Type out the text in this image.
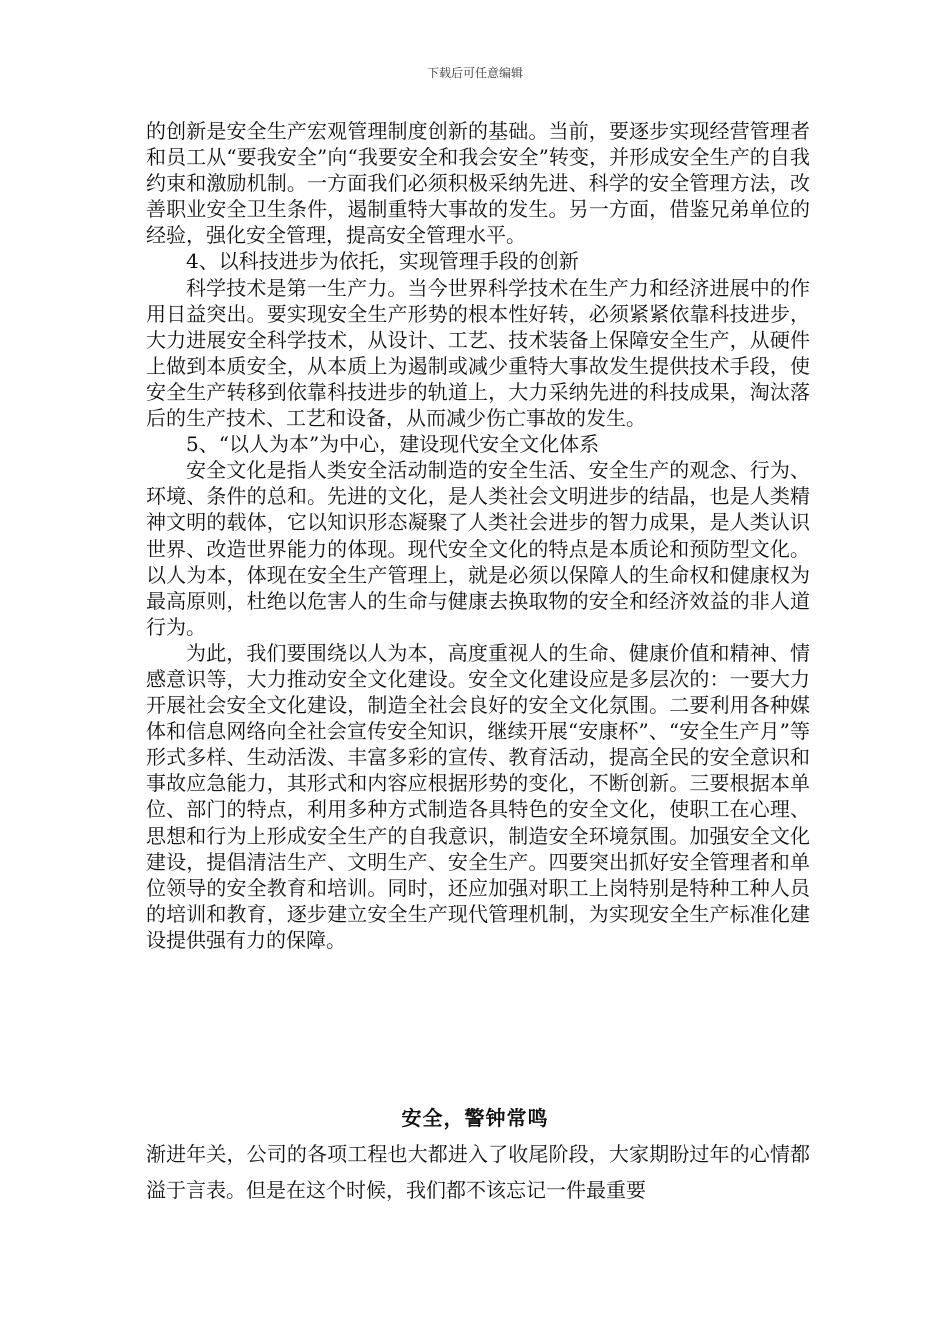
下载后可任意编辑

的创新是安全生产宏观管理制度创新的基础。当前，要逐步实现经营管理者和员工从“要我安全”向“我要安全和我会安全”转变，并形成安全生产的自我约束和激励机制。一方面我们必须积极采纳先进、科学的安全管理方法，改善职业安全卫生条件，遏制重特大事故的发生。另一方面，借鉴兄弟单位的经验，强化安全管理，提高安全管理水平。

4、以科技进步为依托，实现管理手段的创新

科学技术是第一生产力。当今世界科学技术在生产力和经济进展中的作用日益突出。要实现安全生产形势的根本性好转，必须紧紧依靠科技进步，大力进展安全科学技术，从设计、工艺、技术装备上保障安全生产，从硬件上做到本质安全，从本质上为遏制或减少重特大事故发生提供技术手段，使安全生产转移到依靠科技进步的轨道上，大力采纳先进的科技成果，淘汰落后的生产技术、工艺和设备，从而减少伤亡事故的发生。

5、“以人为本”为中心，建设现代安全文化体系

安全文化是指人类安全活动制造的安全生活、安全生产的观念、行为、环境、条件的总和。先进的文化，是人类社会文明进步的结晶，也是人类精神文明的载体，它以知识形态凝聚了人类社会进步的智力成果，是人类认识世界、改造世界能力的体现。现代安全文化的特点是本质论和预防型文化。以人为本，体现在安全生产管理上，就是必须以保障人的生命权和健康权为最高原则，杜绝以危害人的生命与健康去换取物的安全和经济效益的非人道行为。

为此，我们要围绕以人为本，高度重视人的生命、健康价值和精神、情感意识等，大力推动安全文化建设。安全文化建设应是多层次的：一要大力开展社会安全文化建设，制造全社会良好的安全文化氛围。二要利用各种媒体和信息网络向全社会宣传安全知识，继续开展“安康杯”、“安全生产月”等形式多样、生动活泼、丰富多彩的宣传、教育活动，提高全民的安全意识和事故应急能力，其形式和内容应根据形势的变化，不断创新。三要根据本单位、部门的特点，利用多种方式制造各具特色的安全文化，使职工在心理、思想和行为上形成安全生产的自我意识，制造安全环境氛围。加强安全文化建设，提倡清洁生产、文明生产、安全生产。四要突出抓好安全管理者和单位领导的安全教育和培训。同时，还应加强对职工上岗特别是特种工种人员的培训和教育，逐步建立安全生产现代管理机制，为实现安全生产标准化建设提供强有力的保障。

安全，警钟常鸣

渐进年关，公司的各项工程也大都进入了收尾阶段，大家期盼过年的心情都溢于言表。但是在这个时候，我们都不该忘记一件最重要
